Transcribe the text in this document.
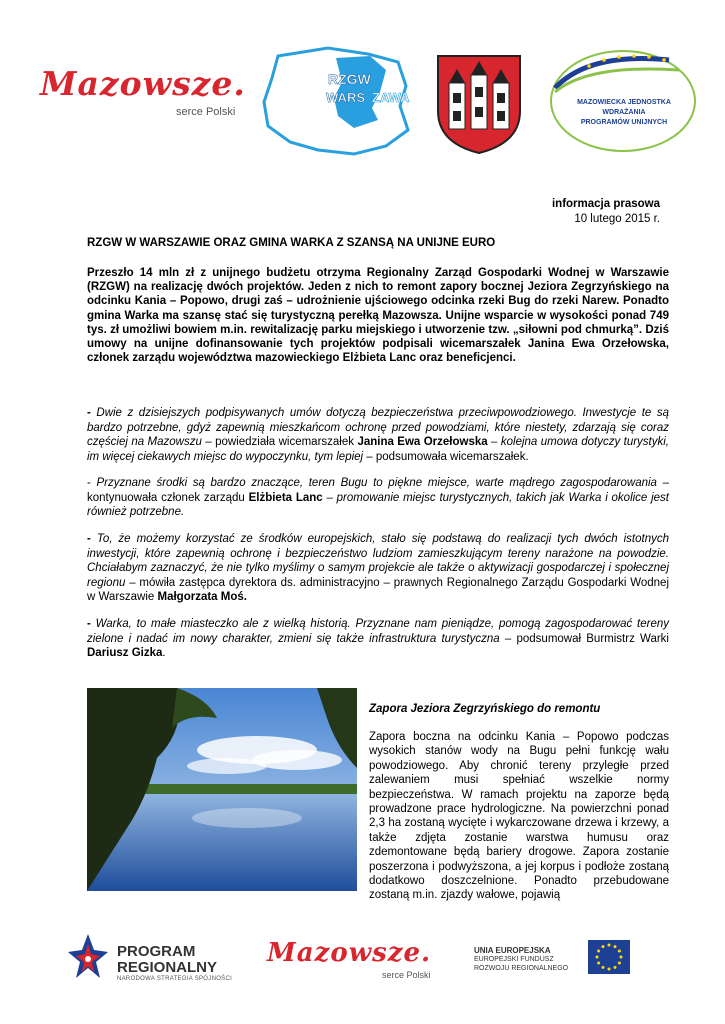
Mazowsze.
serce Polski
RZGW
WARS ZAWA	MAZOWIECKA JEDNOSTKA
WDRAŻANIA
PROGRAMÓW UNIJNYCH
informacja prasowa
10 lutego 2015 r.
RZGW W WARSZAWIE ORAZ GMINA WARKA Z SZANSĄ NA UNIJNE EURO
Przeszło 14 mln zł z unijnego budżetu otrzyma Regionalny Zarząd Gospodarki Wodnej w Warszawie (RZGW) na realizację dwóch projektów. Jeden z nich to remont zapory bocznej Jeziora Zegrzyńskiego na odcinku Kania – Popowo, drugi zaś – udrożnienie ujściowego odcinka rzeki Bug do rzeki Narew. Ponadto gmina Warka ma szansę stać się turystyczną perełką Mazowsza. Unijne wsparcie w wysokości ponad 749 tys. zł umożliwi bowiem m.in. rewitalizację parku miejskiego i utworzenie tzw. „siłowni pod chmurką”. Dziś umowy na unijne dofinansowanie tych projektów podpisali wicemarszałek Janina Ewa Orzełowska, członek zarządu województwa mazowieckiego Elżbieta Lanc oraz beneficjenci.
- Dwie z dzisiejszych podpisywanych umów dotyczą bezpieczeństwa przeciwpowodziowego. Inwestycje te są bardzo potrzebne, gdyż zapewnią mieszkańcom ochronę przed powodziami, które niestety, zdarzają się coraz częściej na Mazowszu – powiedziała wicemarszałek Janina Ewa Orzełowska – kolejna umowa dotyczy turystyki, im więcej ciekawych miejsc do wypoczynku, tym lepiej – podsumowała wicemarszałek.
- Przyznane środki są bardzo znaczące, teren Bugu to piękne miejsce, warte mądrego zagospodarowania – kontynuowała członek zarządu Elżbieta Lanc – promowanie miejsc turystycznych, takich jak Warka i okolice jest również potrzebne.
- To, że możemy korzystać ze środków europejskich, stało się podstawą do realizacji tych dwóch istotnych inwestycji, które zapewnią ochronę i bezpieczeństwo ludziom zamieszkującym tereny narażone na powodzie. Chciałabym zaznaczyć, że nie tylko myślimy o samym projekcie ale także o aktywizacji gospodarczej i społecznej regionu – mówiła zastępca dyrektora ds. administracyjno – prawnych Regionalnego Zarządu Gospodarki Wodnej w Warszawie Małgorzata Moś.
- Warka, to małe miasteczko ale z wielką historią. Przyznane nam pieniądze, pomogą zagospodarować tereny zielone i nadać im nowy charakter, zmieni się także infrastruktura turystyczna – podsumował Burmistrz Warki Dariusz Gizka.
Zapora Jeziora Zegrzyńskiego do remontu
Zapora boczna na odcinku Kania – Popowo podczas wysokich stanów wody na Bugu pełni funkcję wału powodziowego. Aby chronić tereny przyległe przed zalewaniem musi spełniać wszelkie normy bezpieczeństwa. W ramach projektu na zaporze będą prowadzone prace hydrologiczne. Na powierzchni ponad 2,3 ha zostaną wycięte i wykarczowane drzewa i krzewy, a także zdjęta zostanie warstwa humusu oraz zdemontowane będą bariery drogowe. Zapora zostanie poszerzona i podwyższona, a jej korpus i podłoże zostaną dodatkowo doszczelnione. Ponadto przebudowane zostaną m.in. zjazdy wałowe, pojawią
PROGRAM
REGIONALNY
NARODOWA STRATEGIA SPÓJNOŚCI
Mazowsze.
serce Polski
UNIA EUROPEJSKA
EUROPEJSKI FUNDUSZ
ROZWOJU REGIONALNEGO
